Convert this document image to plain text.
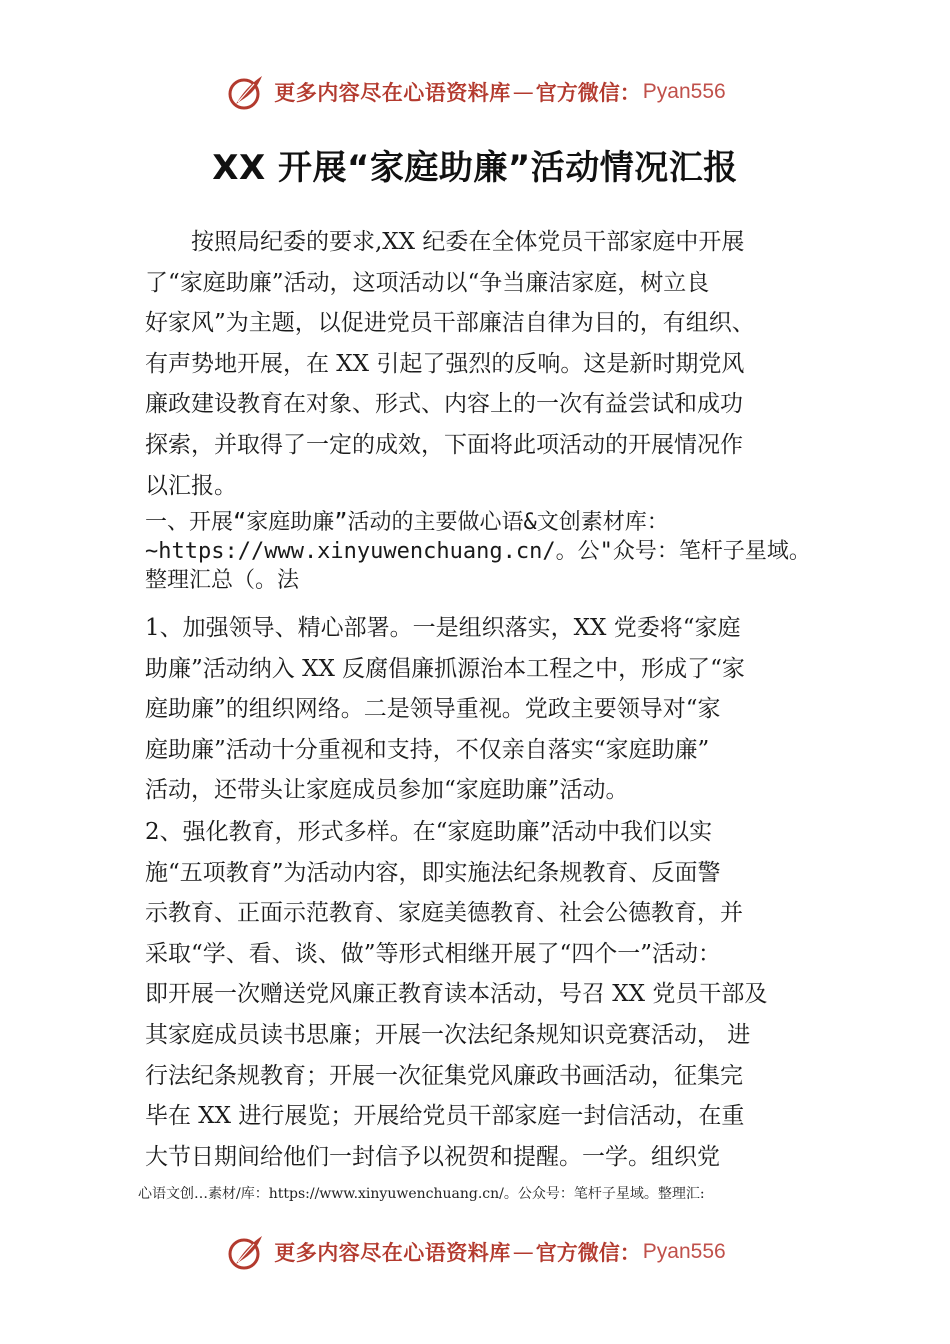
更多内容尽在心语资料库 — 官方微信： Pyan556
XX 开展“家庭助廉”活动情况汇报
　　按照局纪委的要求,XX 纪委在全体党员干部家庭中开展
了“家庭助廉”活动，这项活动以“争当廉洁家庭，树立良
好家风”为主题，以促进党员干部廉洁自律为目的，有组织、
有声势地开展，在 XX 引起了强烈的反响。这是新时期党风
廉政建设教育在对象、形式、内容上的一次有益尝试和成功
探索，并取得了一定的成效，下面将此项活动的开展情况作
以汇报。
一、开展“家庭助廉”活动的主要做心语&文创素材库：
~https://www.xinyuwenchuang.cn/。公"众号：笔杆子星域。
整理汇总（。法
1、加强领导、精心部署。一是组织落实，XX 党委将“家庭
助廉”活动纳入 XX 反腐倡廉抓源治本工程之中，形成了“家
庭助廉”的组织网络。二是领导重视。党政主要领导对“家
庭助廉”活动十分重视和支持，不仅亲自落实“家庭助廉”
活动，还带头让家庭成员参加“家庭助廉”活动。
2、强化教育，形式多样。在“家庭助廉”活动中我们以实
施“五项教育”为活动内容，即实施法纪条规教育、反面警
示教育、正面示范教育、家庭美德教育、社会公德教育，并
采取“学、看、谈、做”等形式相继开展了“四个一”活动：
即开展一次赠送党风廉正教育读本活动，号召 XX 党员干部及
其家庭成员读书思廉；开展一次法纪条规知识竞赛活动， 进
行法纪条规教育；开展一次征集党风廉政书画活动，征集完
毕在 XX 进行展览；开展给党员干部家庭一封信活动，在重
大节日期间给他们一封信予以祝贺和提醒。一学。组织党
心语文创…素材/库：https://www.xinyuwenchuang.cn/。公众号：笔杆子星域。整理汇:
更多内容尽在心语资料库 — 官方微信： Pyan556
